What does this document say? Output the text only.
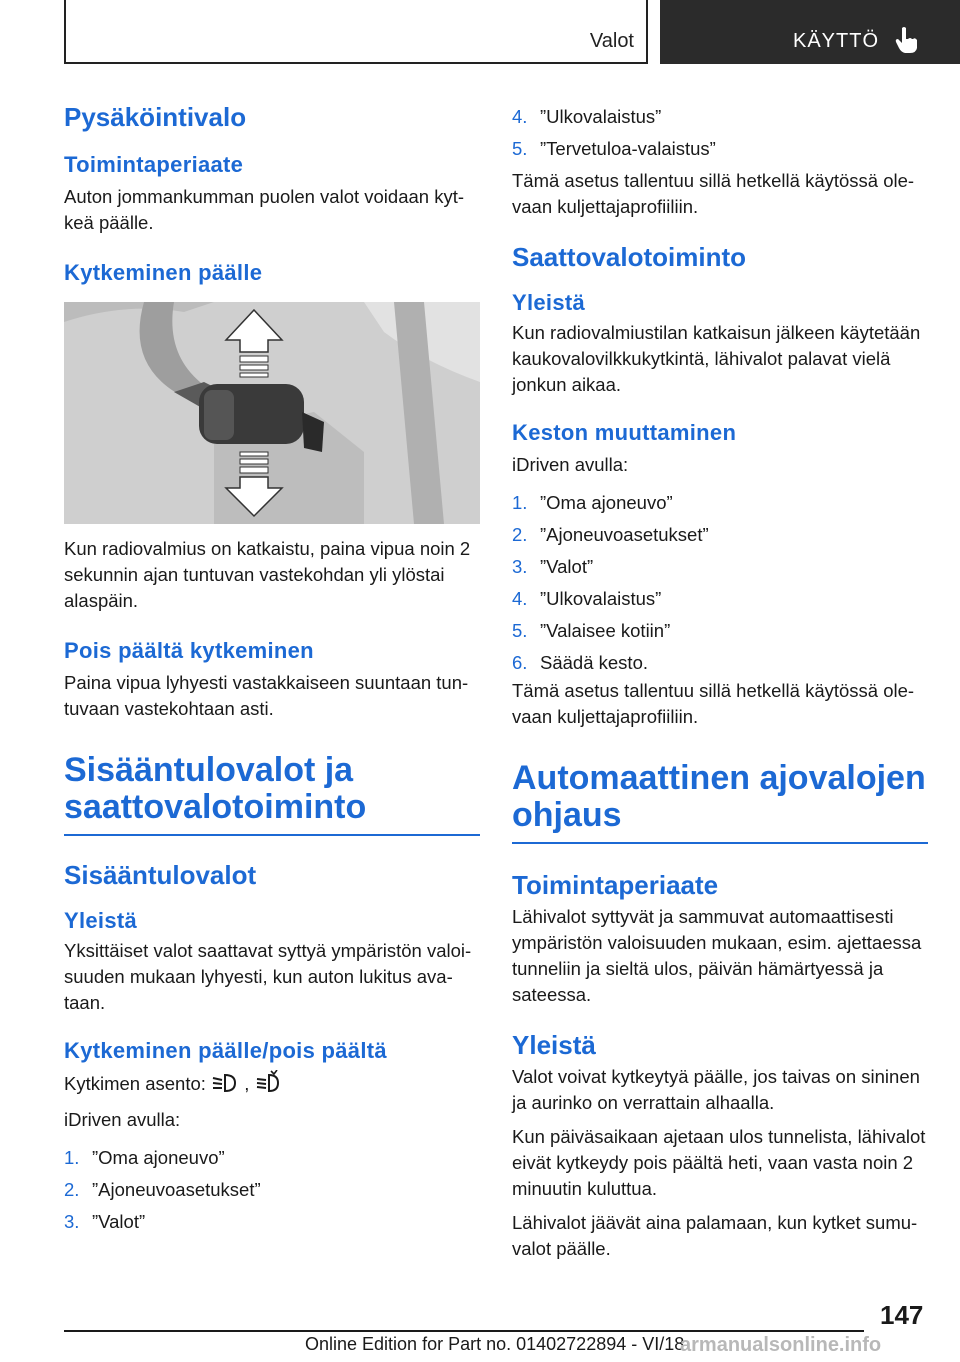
Valot	KÄYTTÖ
Pysäköintivalo
Toimintaperiaate

Auton jommankumman puolen valot voidaan kytkeä päälle.

Kytkeminen päälle

Kun radiovalmius on katkaistu, paina vipua noin 2 sekunnin ajan tuntuvan vastekohdan yli ylöstai alaspäin.

Pois päältä kytkeminen

Paina vipua lyhyesti vastakkaiseen suuntaan tuntuvaan vastekohtaan asti.

Sisääntulovalot ja saattovalotoiminto
Sisääntulovalot
Yleistä

Yksittäiset valot saattavat syttyä ympäristön valoisuuden mukaan lyhyesti, kun auton lukitus avataan.

Kytkeminen päälle/pois päältä

Kytkimen asento: ,

iDriven avulla:

1. ”Oma ajoneuvo”
2. ”Ajoneuvoasetukset”
3. ”Valot”
4. ”Ulkovalaistus”
5. ”Tervetuloa-valaistus”

Tämä asetus tallentuu sillä hetkellä käytössä olevaan kuljettajaprofiiliin.

Saattovalotoiminto
Yleistä

Kun radiovalmiustilan katkaisun jälkeen käytetään kaukovalovilkkukytkintä, lähivalot palavat vielä jonkun aikaa.

Keston muuttaminen

iDriven avulla:

1. ”Oma ajoneuvo”
2. ”Ajoneuvoasetukset”
3. ”Valot”
4. ”Ulkovalaistus”
5. ”Valaisee kotiin”
6. Säädä kesto.

Tämä asetus tallentuu sillä hetkellä käytössä olevaan kuljettajaprofiiliin.

Automaattinen ajovalojen ohjaus
Toimintaperiaate

Lähivalot syttyvät ja sammuvat automaattisesti ympäristön valoisuuden mukaan, esim. ajettaessa tunneliin ja sieltä ulos, päivän hämärtyessä ja sateessa.

Yleistä

Valot voivat kytkeytyä päälle, jos taivas on sininen ja aurinko on verrattain alhaalla.

Kun päiväsaikaan ajetaan ulos tunnelista, lähivalot eivät kytkeydy pois päältä heti, vaan vasta noin 2 minuutin kuluttua.

Lähivalot jäävät aina palamaan, kun kytket sumuvalot päälle.

147
Online Edition for Part no. 01402722894 - VI/18
armanualsonline.info
